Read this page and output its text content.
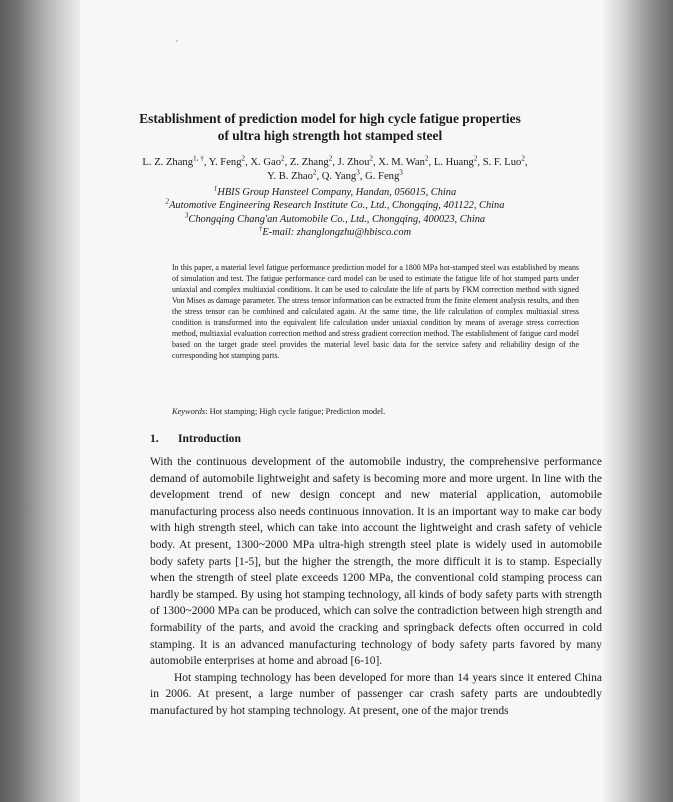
Establishment of prediction model for high cycle fatigue properties
of ultra high strength hot stamped steel
L. Z. Zhang$^{1, \dagger}$, Y. Feng$^2$, X. Gao$^2$, Z. Zhang$^2$, J. Zhou$^2$, X. M. Wan$^2$, L. Huang$^2$, S. F. Luo$^2$,
Y. B. Zhao$^2$, Q. Yang$^3$, G. Feng$^3$
$^1$HBIS Group Hansteel Company, Handan, 056015, China
$^2$Automotive Engineering Research Institute Co., Ltd., Chongqing, 401122, China
$^3$Chongqing Chang'an Automobile Co., Ltd., Chongqing, 400023, China
†E-mail: zhanglongzhu@hbisco.com
In this paper, a material level fatigue performance prediction model for a 1800 MPa hot-stamped steel was established by means of simulation and test. The fatigue performance card model can be used to estimate the fatigue life of hot stamped parts under uniaxial and complex multiaxial conditions. It can be used to calculate the life of parts by FKM correction method with signed Von Mises as damage parameter. The stress tensor information can be extracted from the finite element analysis results, and then the stress tensor can be combined and calculated again. At the same time, the life calculation of complex multiaxial stress condition is transformed into the equivalent life calculation under uniaxial condition by means of average stress correction method, multiaxial evaluation correction method and stress gradient correction method. The establishment of fatigue card model based on the target grade steel provides the material level basic data for the service safety and reliability design of the corresponding hot stamping parts.
Keywords: Hot stamping; High cycle fatigue; Prediction model.
1. Introduction

With the continuous development of the automobile industry, the comprehensive performance demand of automobile lightweight and safety is becoming more and more urgent. In line with the development trend of new design concept and new material application, automobile manufacturing process also needs continuous innovation. It is an important way to make car body with high strength steel, which can take into account the lightweight and crash safety of vehicle body. At present, 1300~2000 MPa ultra-high strength steel plate is widely used in automobile body safety parts [1-5], but the higher the strength, the more difficult it is to stamp. Especially when the strength of steel plate exceeds 1200 MPa, the conventional cold stamping process can hardly be stamped. By using hot stamping technology, all kinds of body safety parts with strength of 1300~2000 MPa can be produced, which can solve the contradiction between high strength and formability of the parts, and avoid the cracking and springback defects often occurred in cold stamping. It is an advanced manufacturing technology of body safety parts favored by many automobile enterprises at home and abroad [6-10].

Hot stamping technology has been developed for more than 14 years since it entered China in 2006. At present, a large number of passenger car crash safety parts are undoubtedly manufactured by hot stamping technology. At present, one of the major trends
